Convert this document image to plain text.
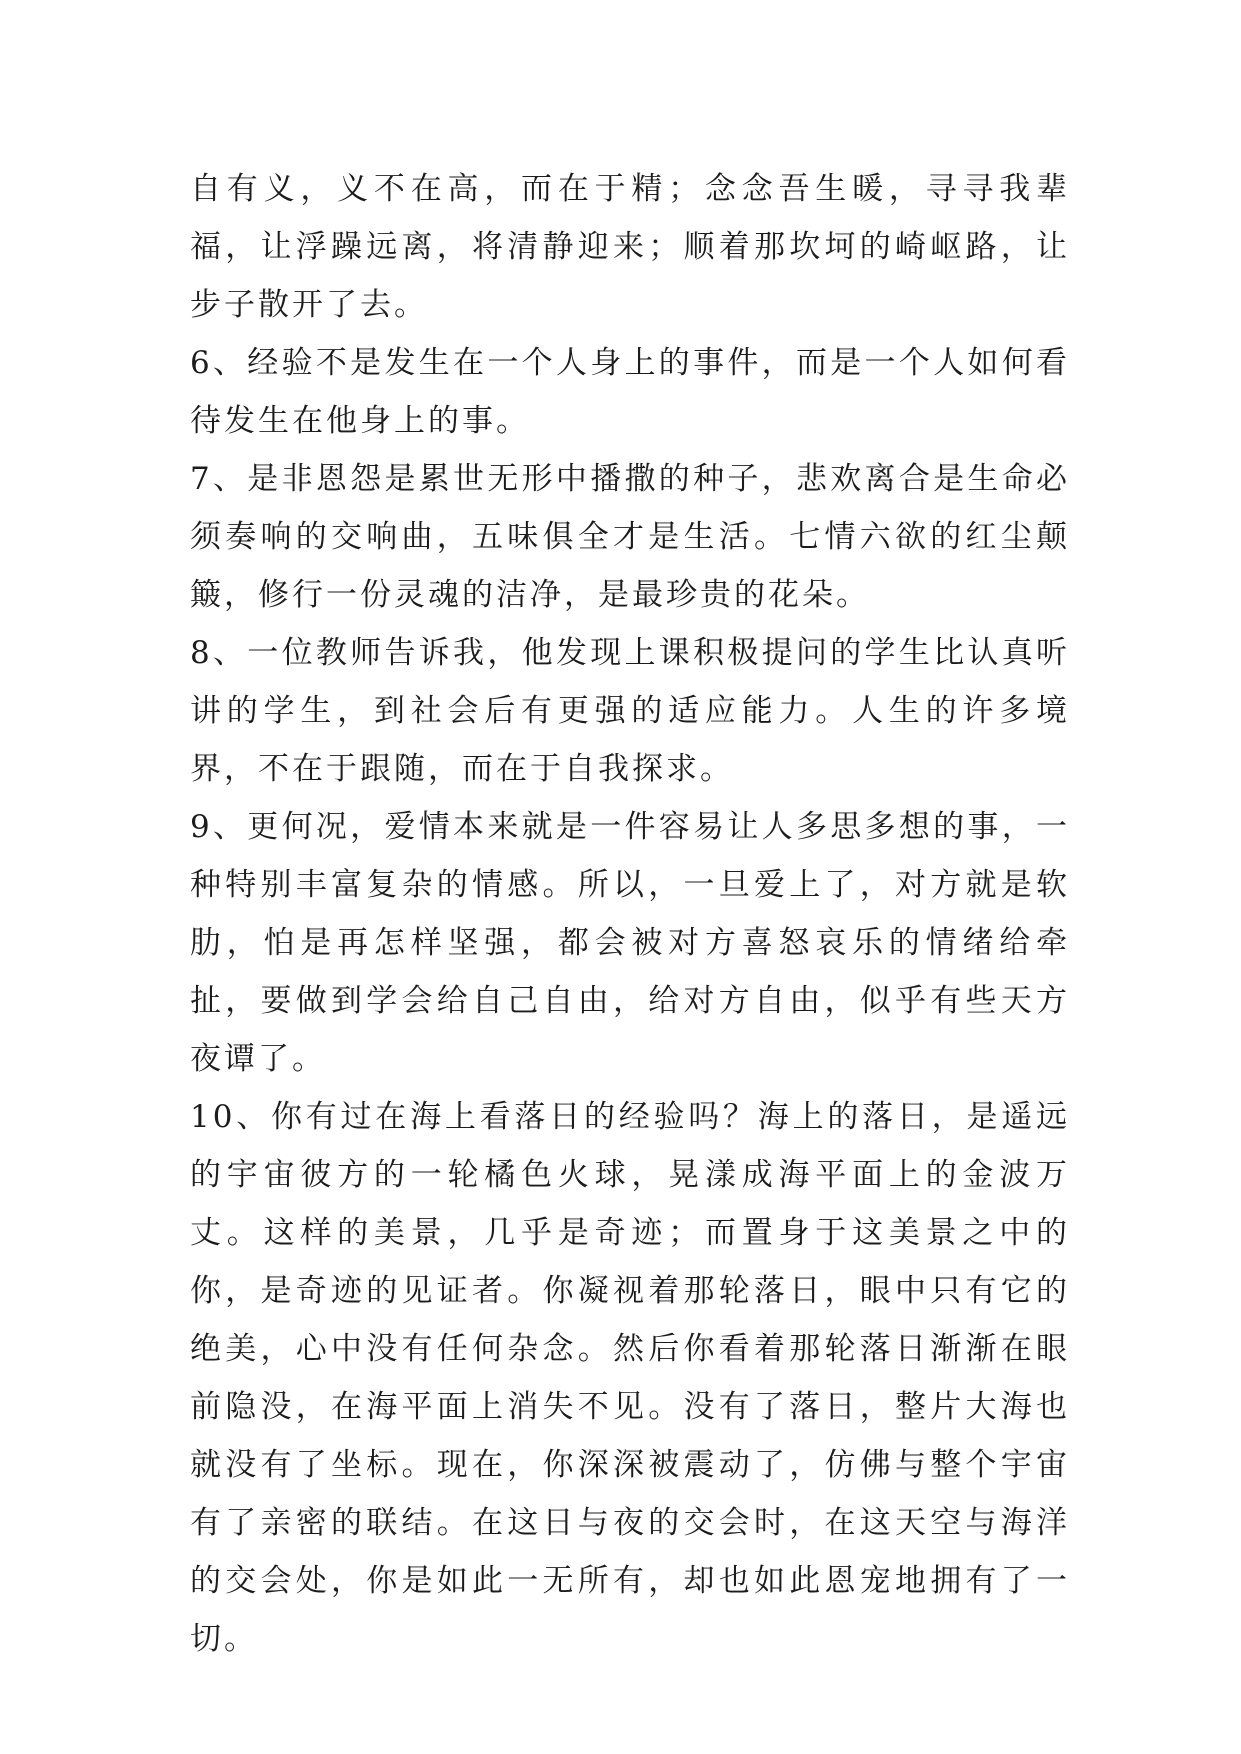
自有义，义不在高，而在于精；念念吾生暖，寻寻我辈福，让浮躁远离，将清静迎来；顺着那坎坷的崎岖路，让步子散开了去。

6、经验不是发生在一个人身上的事件，而是一个人如何看待发生在他身上的事。

7、是非恩怨是累世无形中播撒的种子，悲欢离合是生命必须奏响的交响曲，五味俱全才是生活。七情六欲的红尘颠簸，修行一份灵魂的洁净，是最珍贵的花朵。

8、一位教师告诉我，他发现上课积极提问的学生比认真听讲的学生，到社会后有更强的适应能力。人生的许多境界，不在于跟随，而在于自我探求。

9、更何况，爱情本来就是一件容易让人多思多想的事，一种特别丰富复杂的情感。所以，一旦爱上了，对方就是软肋，怕是再怎样坚强，都会被对方喜怒哀乐的情绪给牵扯，要做到学会给自己自由，给对方自由，似乎有些天方夜谭了。

10、你有过在海上看落日的经验吗？海上的落日，是遥远的宇宙彼方的一轮橘色火球，晃漾成海平面上的金波万丈。这样的美景，几乎是奇迹；而置身于这美景之中的你，是奇迹的见证者。你凝视着那轮落日，眼中只有它的绝美，心中没有任何杂念。然后你看着那轮落日渐渐在眼前隐没，在海平面上消失不见。没有了落日，整片大海也就没有了坐标。现在，你深深被震动了，仿佛与整个宇宙有了亲密的联结。在这日与夜的交会时，在这天空与海洋的交会处，你是如此一无所有，却也如此恩宠地拥有了一切。
